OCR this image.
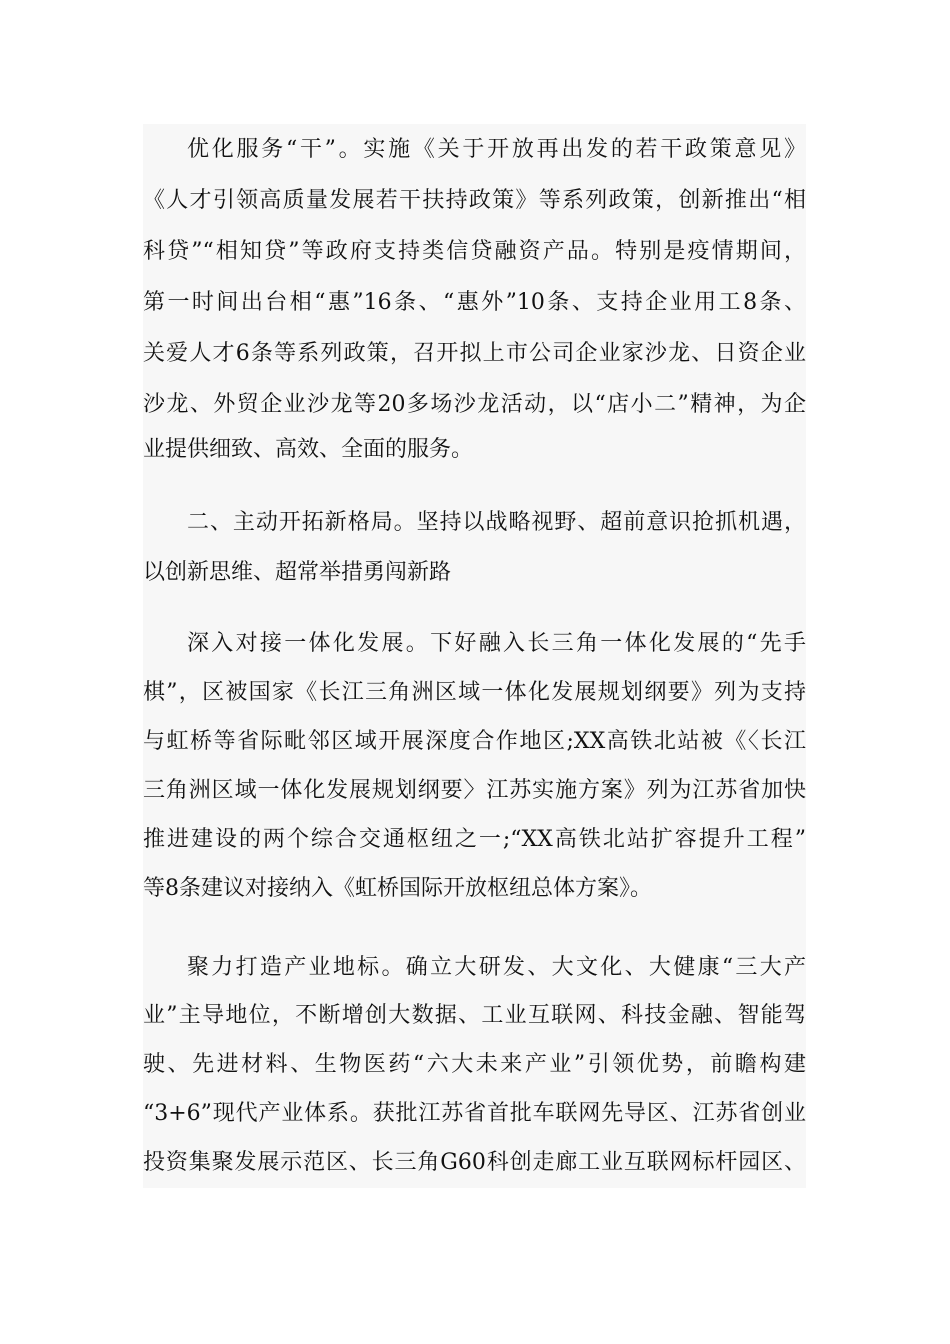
优化服务“干”。实施《关于开放再出发的若干政策意见》
《人才引领高质量发展若干扶持政策》等系列政策，创新推出“相
科贷”“相知贷”等政府支持类信贷融资产品。特别是疫情期间，
第一时间出台相“惠”16条、“惠外”10条、支持企业用工8条、
关爱人才6条等系列政策，召开拟上市公司企业家沙龙、日资企业
沙龙、外贸企业沙龙等20多场沙龙活动，以“店小二”精神，为企
业提供细致、高效、全面的服务。
二、主动开拓新格局。坚持以战略视野、超前意识抢抓机遇，
以创新思维、超常举措勇闯新路
深入对接一体化发展。下好融入长三角一体化发展的“先手
棋”，区被国家《长江三角洲区域一体化发展规划纲要》列为支持
与虹桥等省际毗邻区域开展深度合作地区;XX高铁北站被《〈长江
三角洲区域一体化发展规划纲要〉江苏实施方案》列为江苏省加快
推进建设的两个综合交通枢纽之一;“XX高铁北站扩容提升工程”
等8条建议对接纳入《虹桥国际开放枢纽总体方案》。
聚力打造产业地标。确立大研发、大文化、大健康“三大产
业”主导地位，不断增创大数据、工业互联网、科技金融、智能驾
驶、先进材料、生物医药“六大未来产业”引领优势，前瞻构建
“3+6”现代产业体系。获批江苏省首批车联网先导区、江苏省创业
投资集聚发展示范区、长三角G60科创走廊工业互联网标杆园区、
